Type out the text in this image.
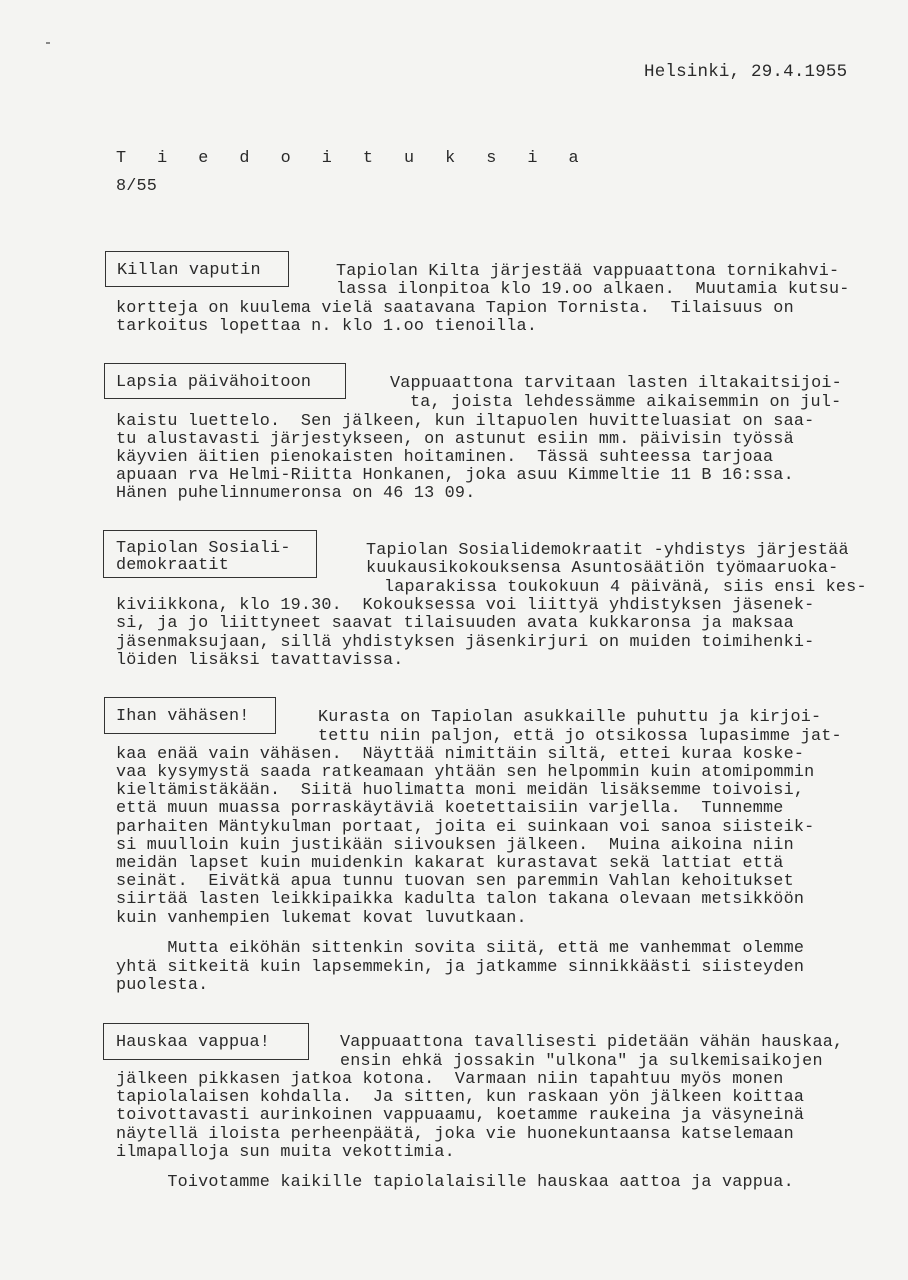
Helsinki, 29.4.1955
T i e d o i t u k s i a
8/55
Killan vaputin	Tapiolan Kilta järjestää vappuaattona tornikahvi-
lassa ilonpitoa klo 19.oo alkaen.  Muutamia kutsu-
kortteja on kuulema vielä saatavana Tapion Tornista.  Tilaisuus on
tarkoitus lopettaa n. klo 1.oo tienoilla.
Lapsia päivähoitoon	Vappuaattona tarvitaan lasten iltakaitsijoi-
ta, joista lehdessämme aikaisemmin on jul-
kaistu luettelo.  Sen jälkeen, kun iltapuolen huvitteluasiat on saa-
tu alustavasti järjestykseen, on astunut esiin mm. päivisin työssä
käyvien äitien pienokaisten hoitaminen.  Tässä suhteessa tarjoaa
apuaan rva Helmi-Riitta Honkanen, joka asuu Kimmeltie 11 B 16:ssa.
Hänen puhelinnumeronsa on 46 13 09.
Tapiolan Sosiali-
demokraatit
Tapiolan Sosialidemokraatit -yhdistys järjestää
kuukausikokouksensa Asuntosäätiön työmaaruoka-
laparakissa toukokuun 4 päivänä, siis ensi kes-
kiviikkona, klo 19.30.  Kokouksessa voi liittyä yhdistyksen jäsenek-
si, ja jo liittyneet saavat tilaisuuden avata kukkaronsa ja maksaa
jäsenmaksujaan, sillä yhdistyksen jäsenkirjuri on muiden toimihenki-
löiden lisäksi tavattavissa.
Ihan vähäsen!	Kurasta on Tapiolan asukkaille puhuttu ja kirjoi-
tettu niin paljon, että jo otsikossa lupasimme jat-
kaa enää vain vähäsen.  Näyttää nimittäin siltä, ettei kuraa koske-
vaa kysymystä saada ratkeamaan yhtään sen helpommin kuin atomipommin
kieltämistäkään.  Siitä huolimatta moni meidän lisäksemme toivoisi,
että muun muassa porraskäytäviä koetettaisiin varjella.  Tunnemme
parhaiten Mäntykulman portaat, joita ei suinkaan voi sanoa siisteik-
si muulloin kuin justikään siivouksen jälkeen.  Muina aikoina niin
meidän lapset kuin muidenkin kakarat kurastavat sekä lattiat että
seinät.  Eivätkä apua tunnu tuovan sen paremmin Vahlan kehoitukset
siirtää lasten leikkipaikka kadulta talon takana olevaan metsikköön
kuin vanhempien lukemat kovat luvutkaan.
Mutta eiköhän sittenkin sovita siitä, että me vanhemmat olemme
yhtä sitkeitä kuin lapsemmekin, ja jatkamme sinnikkäästi siisteyden
puolesta.
Hauskaa vappua!	Vappuaattona tavallisesti pidetään vähän hauskaa,
ensin ehkä jossakin "ulkona" ja sulkemisaikojen
jälkeen pikkasen jatkoa kotona.  Varmaan niin tapahtuu myös monen
tapiolalaisen kohdalla.  Ja sitten, kun raskaan yön jälkeen koittaa
toivottavasti aurinkoinen vappuaamu, koetamme raukeina ja väsyneinä
näytellä iloista perheenpäätä, joka vie huonekuntaansa katselemaan
ilmapalloja sun muita vekottimia.
Toivotamme kaikille tapiolalaisille hauskaa aattoa ja vappua.
